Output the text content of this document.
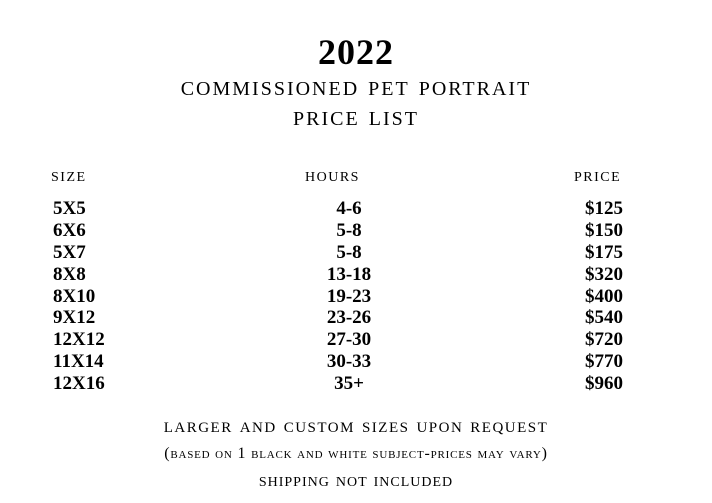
2022
commissioned pet portrait
price list
size	hours	price
5X5	4-6	$125
6X6	5-8	$150
5X7	5-8	$175
8X8	13-18	$320
8X10	19-23	$400
9X12	23-26	$540
12X12	27-30	$720
11X14	30-33	$770
12X16	35+	$960
larger and custom sizes upon request
(based on 1 black and white subject-prices may vary)
shipping not included
